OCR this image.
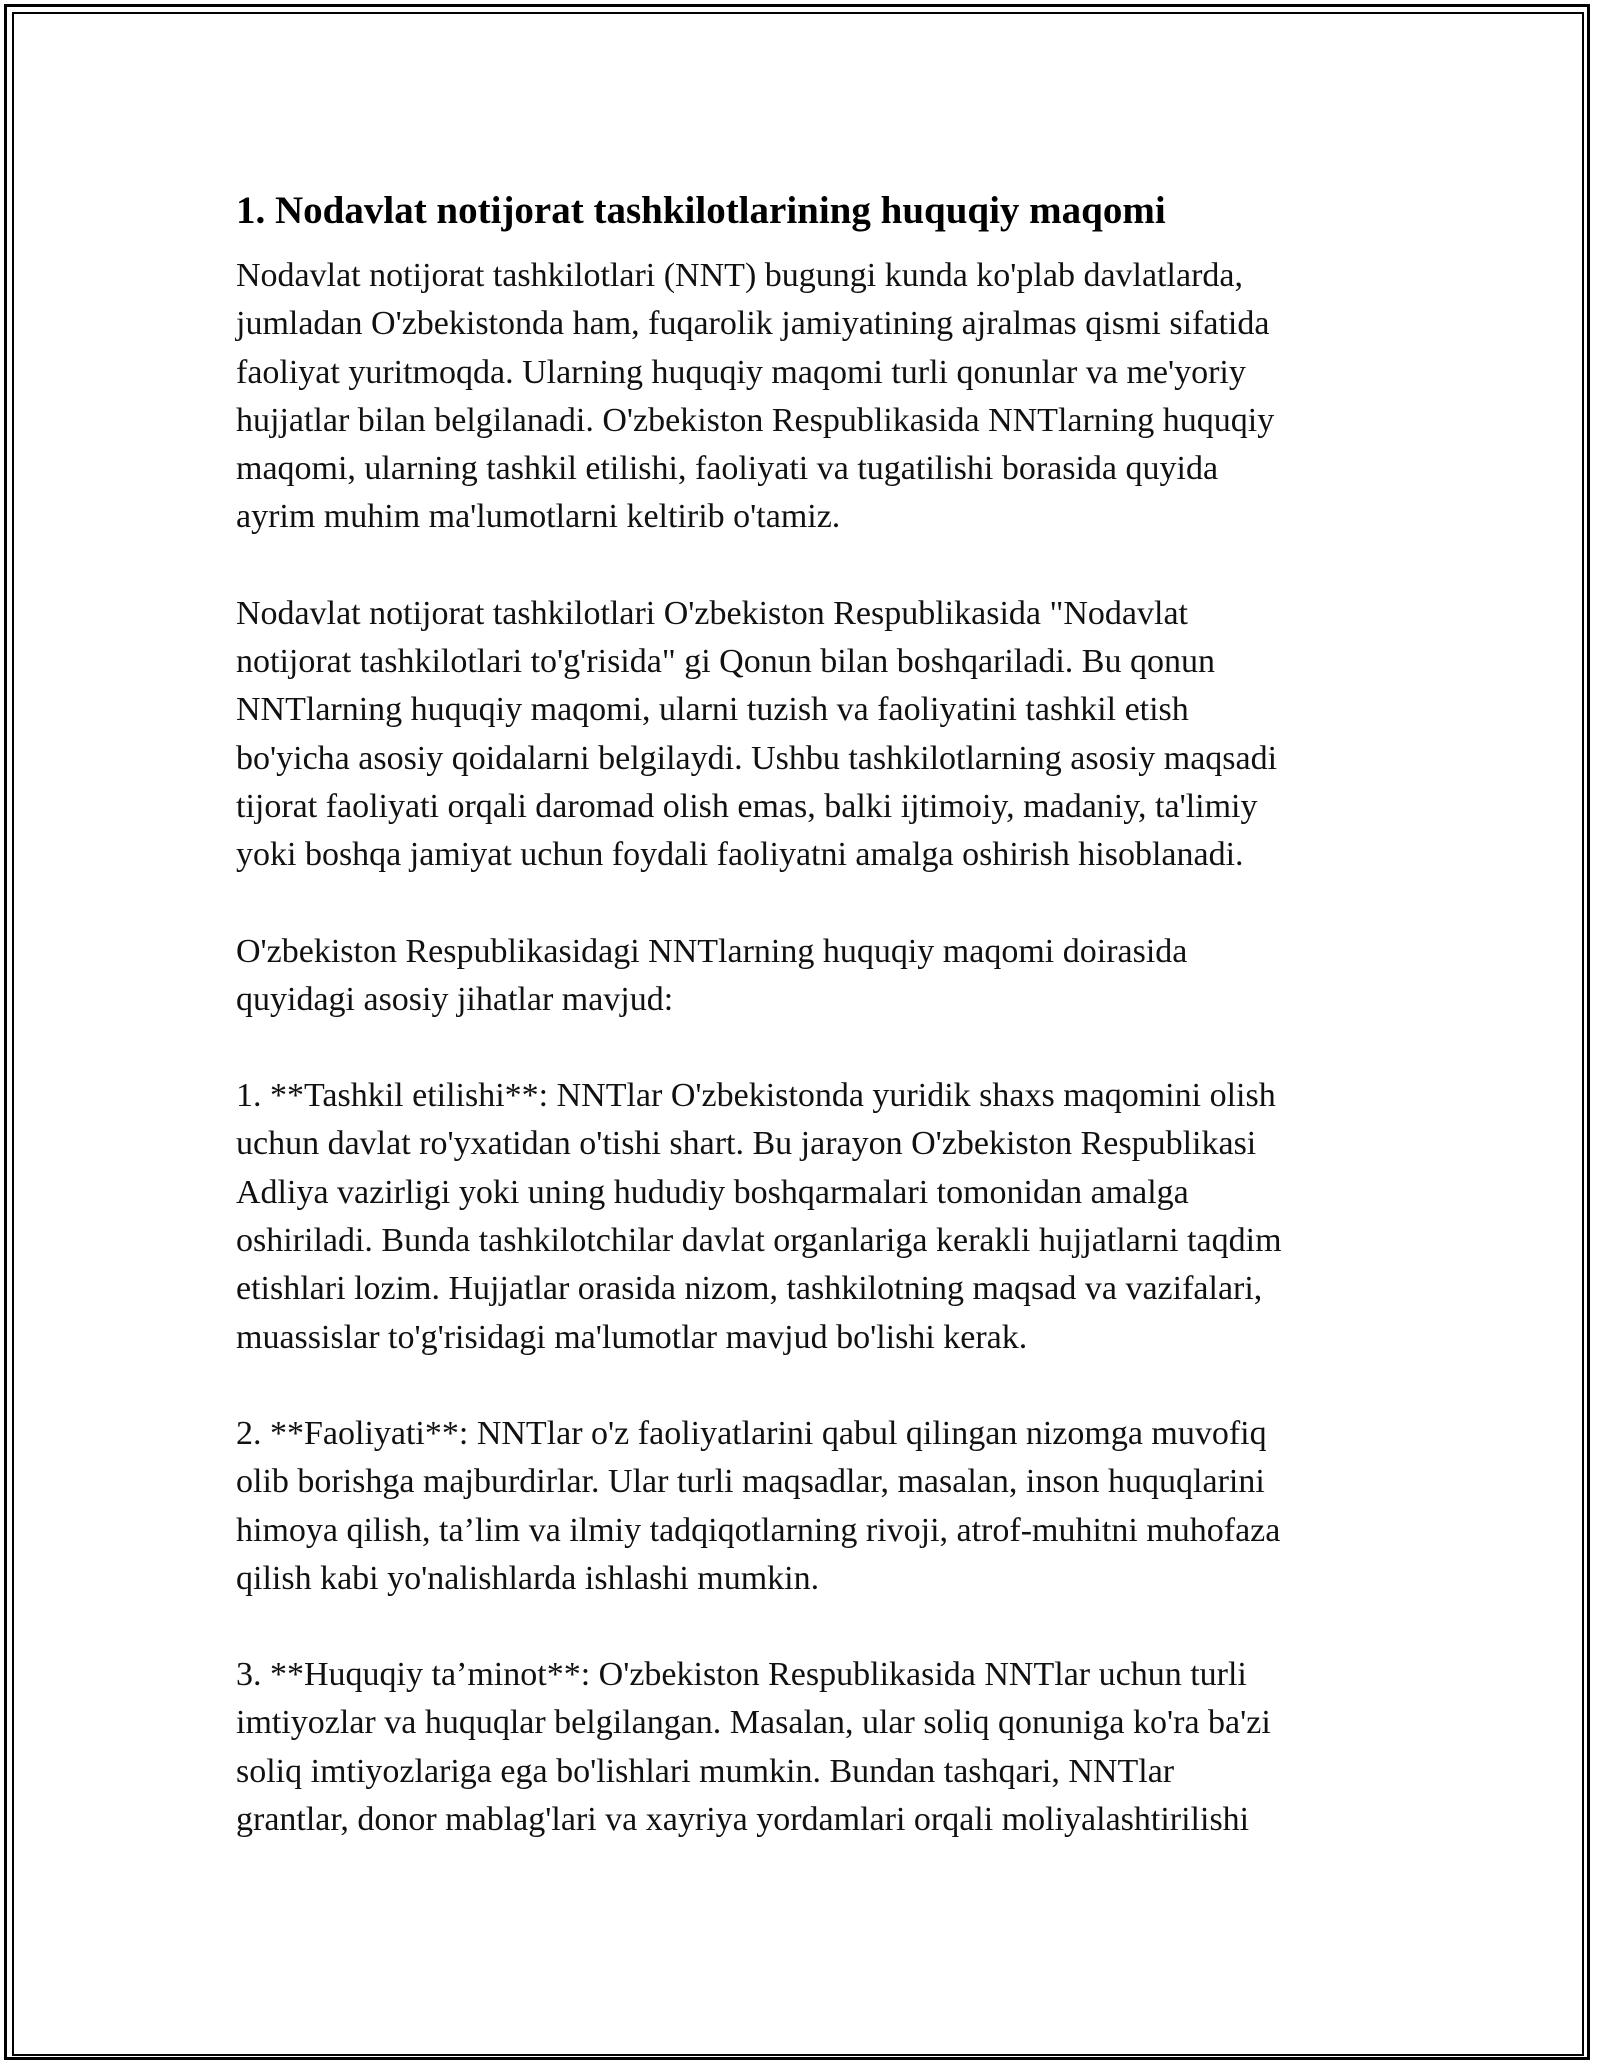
1. Nodavlat notijorat tashkilotlarining huquqiy maqomi

Nodavlat notijorat tashkilotlari (NNT) bugungi kunda ko'plab davlatlarda,
jumladan O'zbekistonda ham, fuqarolik jamiyatining ajralmas qismi sifatida
faoliyat yuritmoqda. Ularning huquqiy maqomi turli qonunlar va me'yoriy
hujjatlar bilan belgilanadi. O'zbekiston Respublikasida NNTlarning huquqiy
maqomi, ularning tashkil etilishi, faoliyati va tugatilishi borasida quyida
ayrim muhim ma'lumotlarni keltirib o'tamiz.

Nodavlat notijorat tashkilotlari O'zbekiston Respublikasida "Nodavlat
notijorat tashkilotlari to'g'risida" gi Qonun bilan boshqariladi. Bu qonun
NNTlarning huquqiy maqomi, ularni tuzish va faoliyatini tashkil etish
bo'yicha asosiy qoidalarni belgilaydi. Ushbu tashkilotlarning asosiy maqsadi
tijorat faoliyati orqali daromad olish emas, balki ijtimoiy, madaniy, ta'limiy
yoki boshqa jamiyat uchun foydali faoliyatni amalga oshirish hisoblanadi.

O'zbekiston Respublikasidagi NNTlarning huquqiy maqomi doirasida
quyidagi asosiy jihatlar mavjud:

1. **Tashkil etilishi**: NNTlar O'zbekistonda yuridik shaxs maqomini olish
uchun davlat ro'yxatidan o'tishi shart. Bu jarayon O'zbekiston Respublikasi
Adliya vazirligi yoki uning hududiy boshqarmalari tomonidan amalga
oshiriladi. Bunda tashkilotchilar davlat organlariga kerakli hujjatlarni taqdim
etishlari lozim. Hujjatlar orasida nizom, tashkilotning maqsad va vazifalari,
muassislar to'g'risidagi ma'lumotlar mavjud bo'lishi kerak.

2. **Faoliyati**: NNTlar o'z faoliyatlarini qabul qilingan nizomga muvofiq
olib borishga majburdirlar. Ular turli maqsadlar, masalan, inson huquqlarini
himoya qilish, ta’lim va ilmiy tadqiqotlarning rivoji, atrof-muhitni muhofaza
qilish kabi yo'nalishlarda ishlashi mumkin.

3. **Huquqiy ta’minot**: O'zbekiston Respublikasida NNTlar uchun turli
imtiyozlar va huquqlar belgilangan. Masalan, ular soliq qonuniga ko'ra ba'zi
soliq imtiyozlariga ega bo'lishlari mumkin. Bundan tashqari, NNTlar
grantlar, donor mablag'lari va xayriya yordamlari orqali moliyalashtirilishi
